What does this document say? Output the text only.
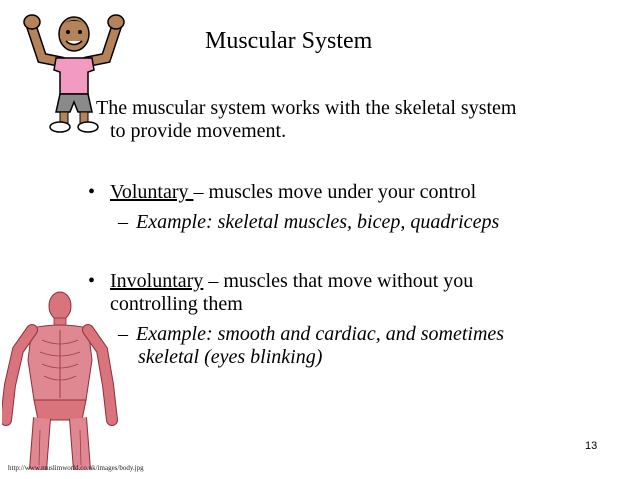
Muscular System
The muscular system works with the skeletal system
to provide movement.
• Voluntary – muscles move under your control
– Example: skeletal muscles, bicep, quadriceps
• Involuntary – muscles that move without you
controlling them
– Example: smooth and cardiac, and sometimes
skeletal (eyes blinking)
13
http://www.muslimworld.co.uk/images/body.jpg
